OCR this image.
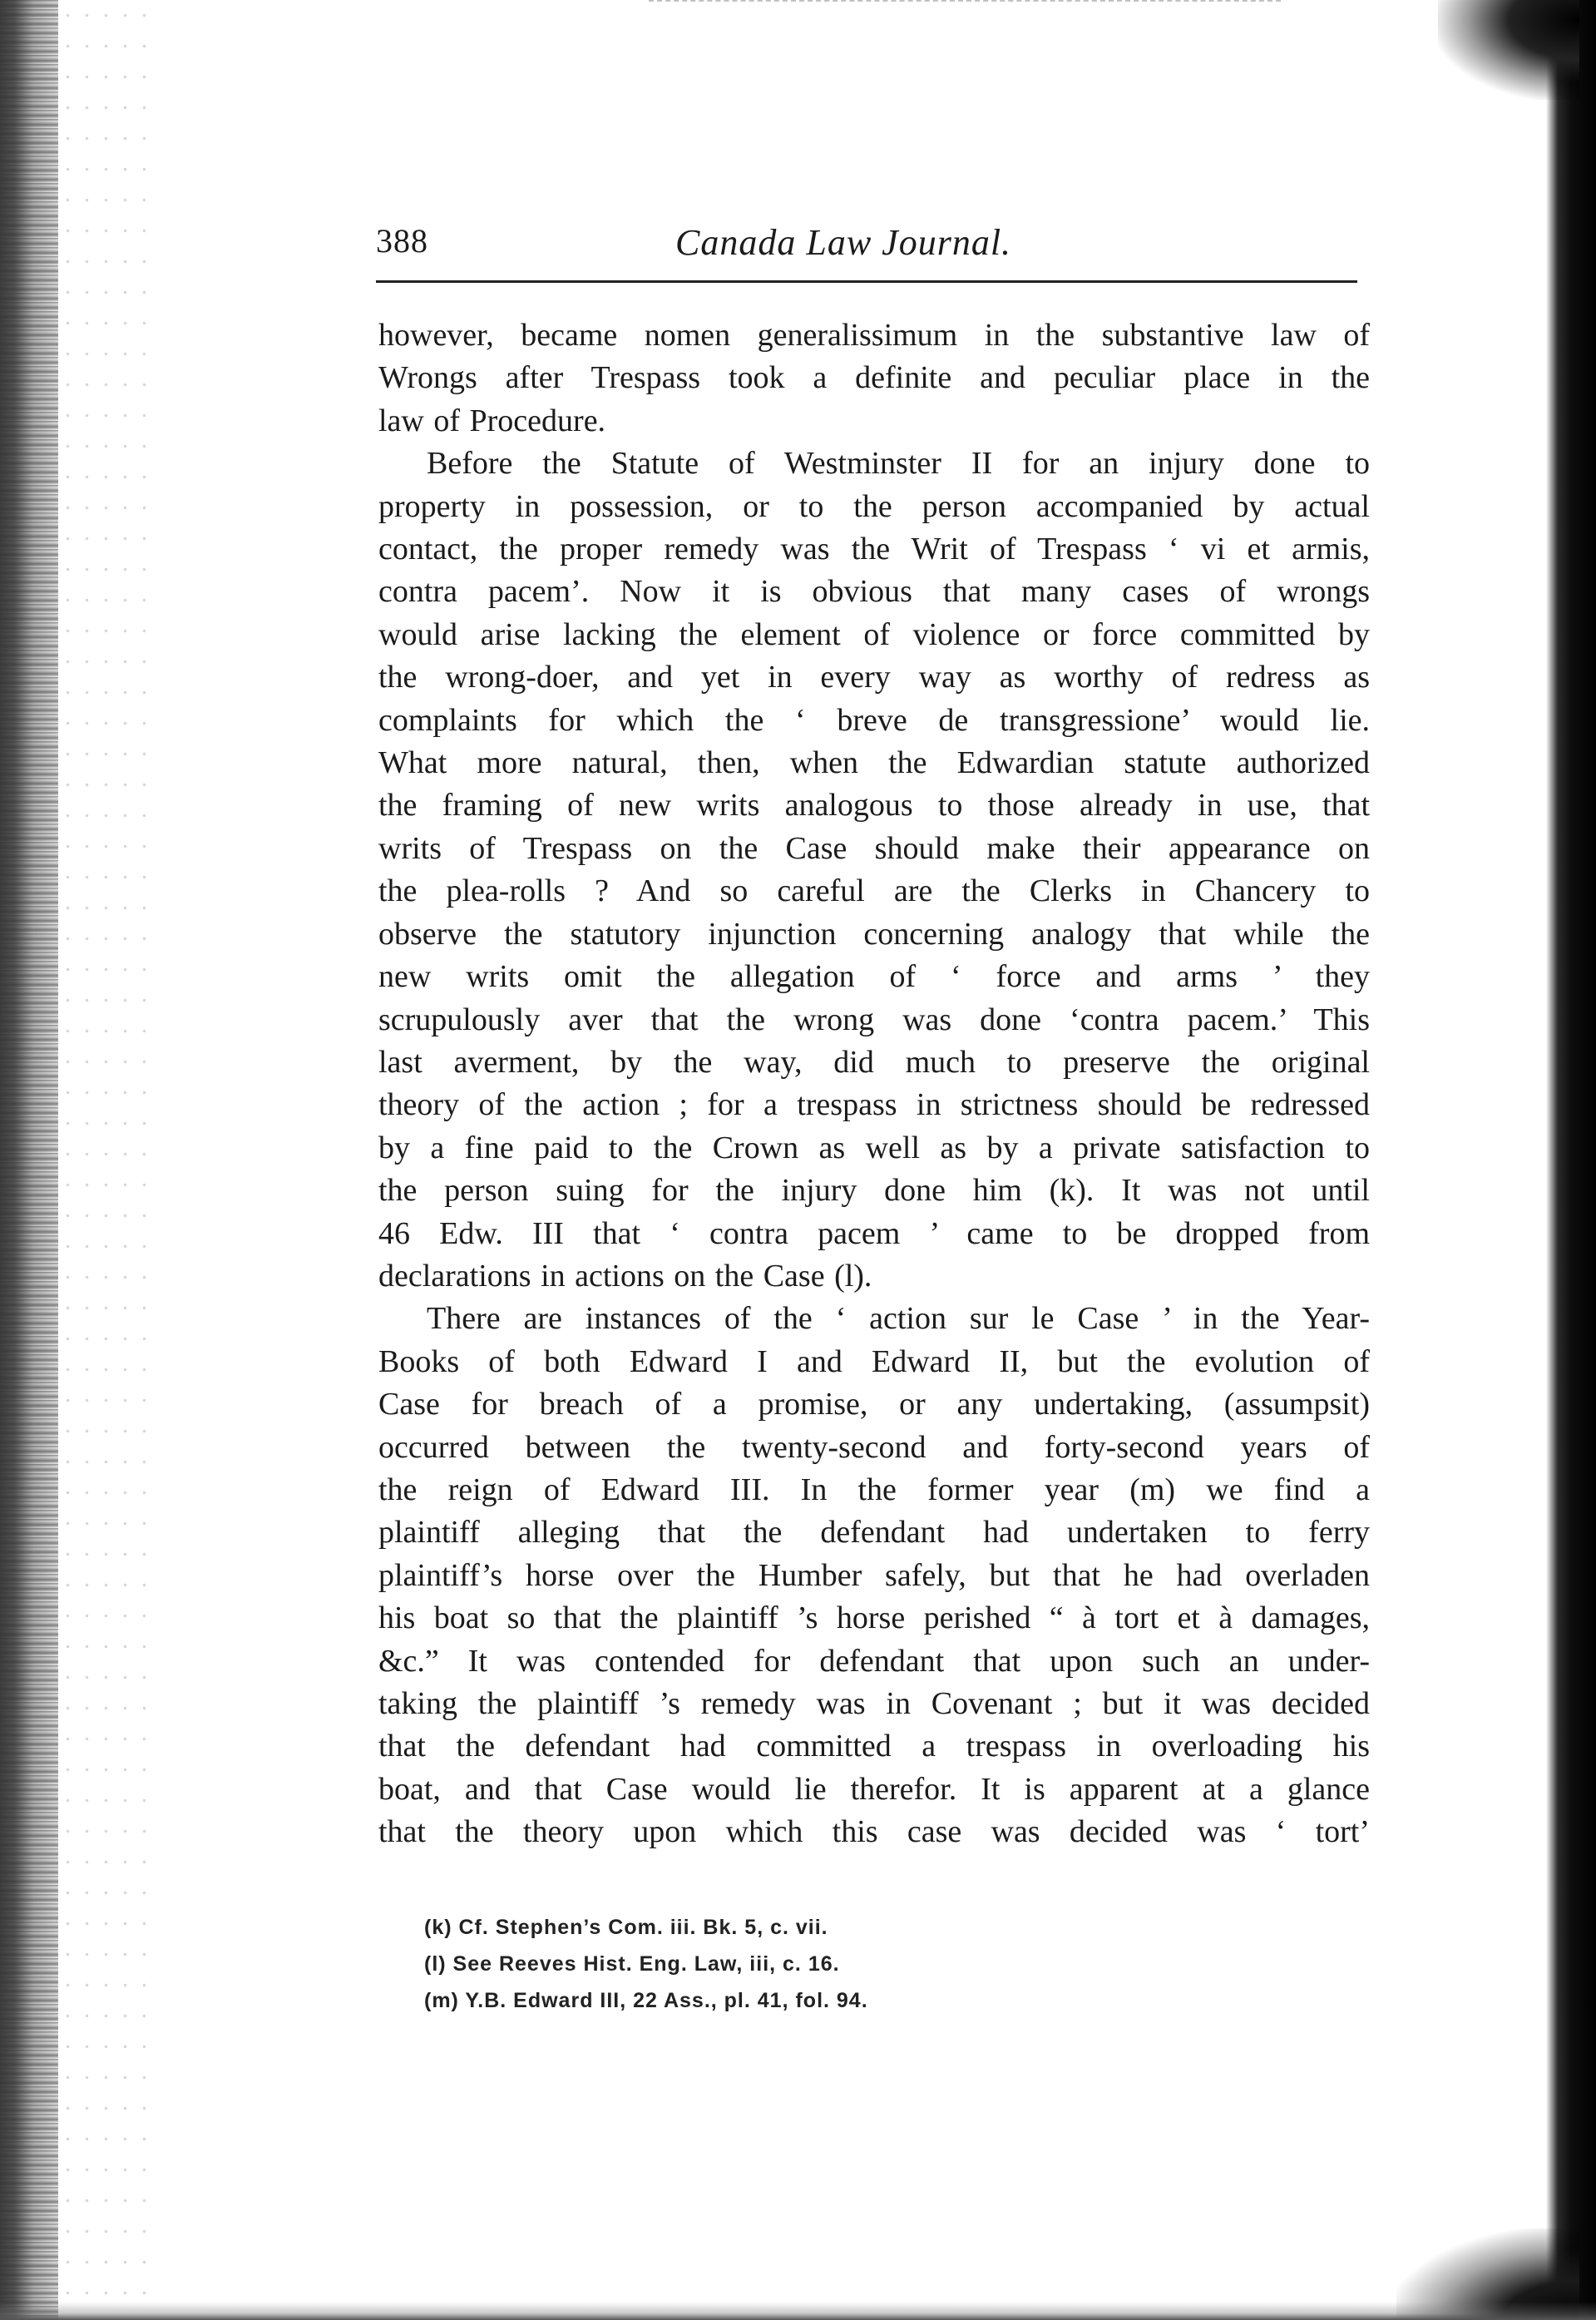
388	Canada Law Journal.

however, became nomen generalissimum in the substantive law of

Wrongs after Trespass took a definite and peculiar place in the

law of Procedure.

Before the Statute of Westminster II for an injury done to

property in possession, or to the person accompanied by actual

contact, the proper remedy was the Writ of Trespass ‘ vi et armis,

contra pacem’. Now it is obvious that many cases of wrongs

would arise lacking the element of violence or force committed by

the wrong-doer, and yet in every way as worthy of redress as

complaints for which the ‘ breve de transgressione’ would lie.

What more natural, then, when the Edwardian statute authorized

the framing of new writs analogous to those already in use, that

writs of Trespass on the Case should make their appearance on

the plea-rolls ? And so careful are the Clerks in Chancery to

observe the statutory injunction concerning analogy that while the

new writs omit the allegation of ‘ force and arms ’ they

scrupulously aver that the wrong was done ‘contra pacem.’ This

last averment, by the way, did much to preserve the original

theory of the action ; for a trespass in strictness should be redressed

by a fine paid to the Crown as well as by a private satisfaction to

the person suing for the injury done him (k). It was not until

46 Edw. III that ‘ contra pacem ’ came to be dropped from

declarations in actions on the Case (l).

There are instances of the ‘ action sur le Case ’ in the Year-

Books of both Edward I and Edward II, but the evolution of

Case for breach of a promise, or any undertaking, (assumpsit)

occurred between the twenty-second and forty-second years of

the reign of Edward III. In the former year (m) we find a

plaintiff alleging that the defendant had undertaken to ferry

plaintiff’s horse over the Humber safely, but that he had overladen

his boat so that the plaintiff ’s horse perished “ à tort et à damages,

&c.” It was contended for defendant that upon such an under-

taking the plaintiff ’s remedy was in Covenant ; but it was decided

that the defendant had committed a trespass in overloading his

boat, and that Case would lie therefor. It is apparent at a glance

that the theory upon which this case was decided was ‘ tort’

(k) Cf. Stephen’s Com. iii. Bk. 5, c. vii.

(l) See Reeves Hist. Eng. Law, iii, c. 16.

(m) Y.B. Edward III, 22 Ass., pl. 41, fol. 94.
